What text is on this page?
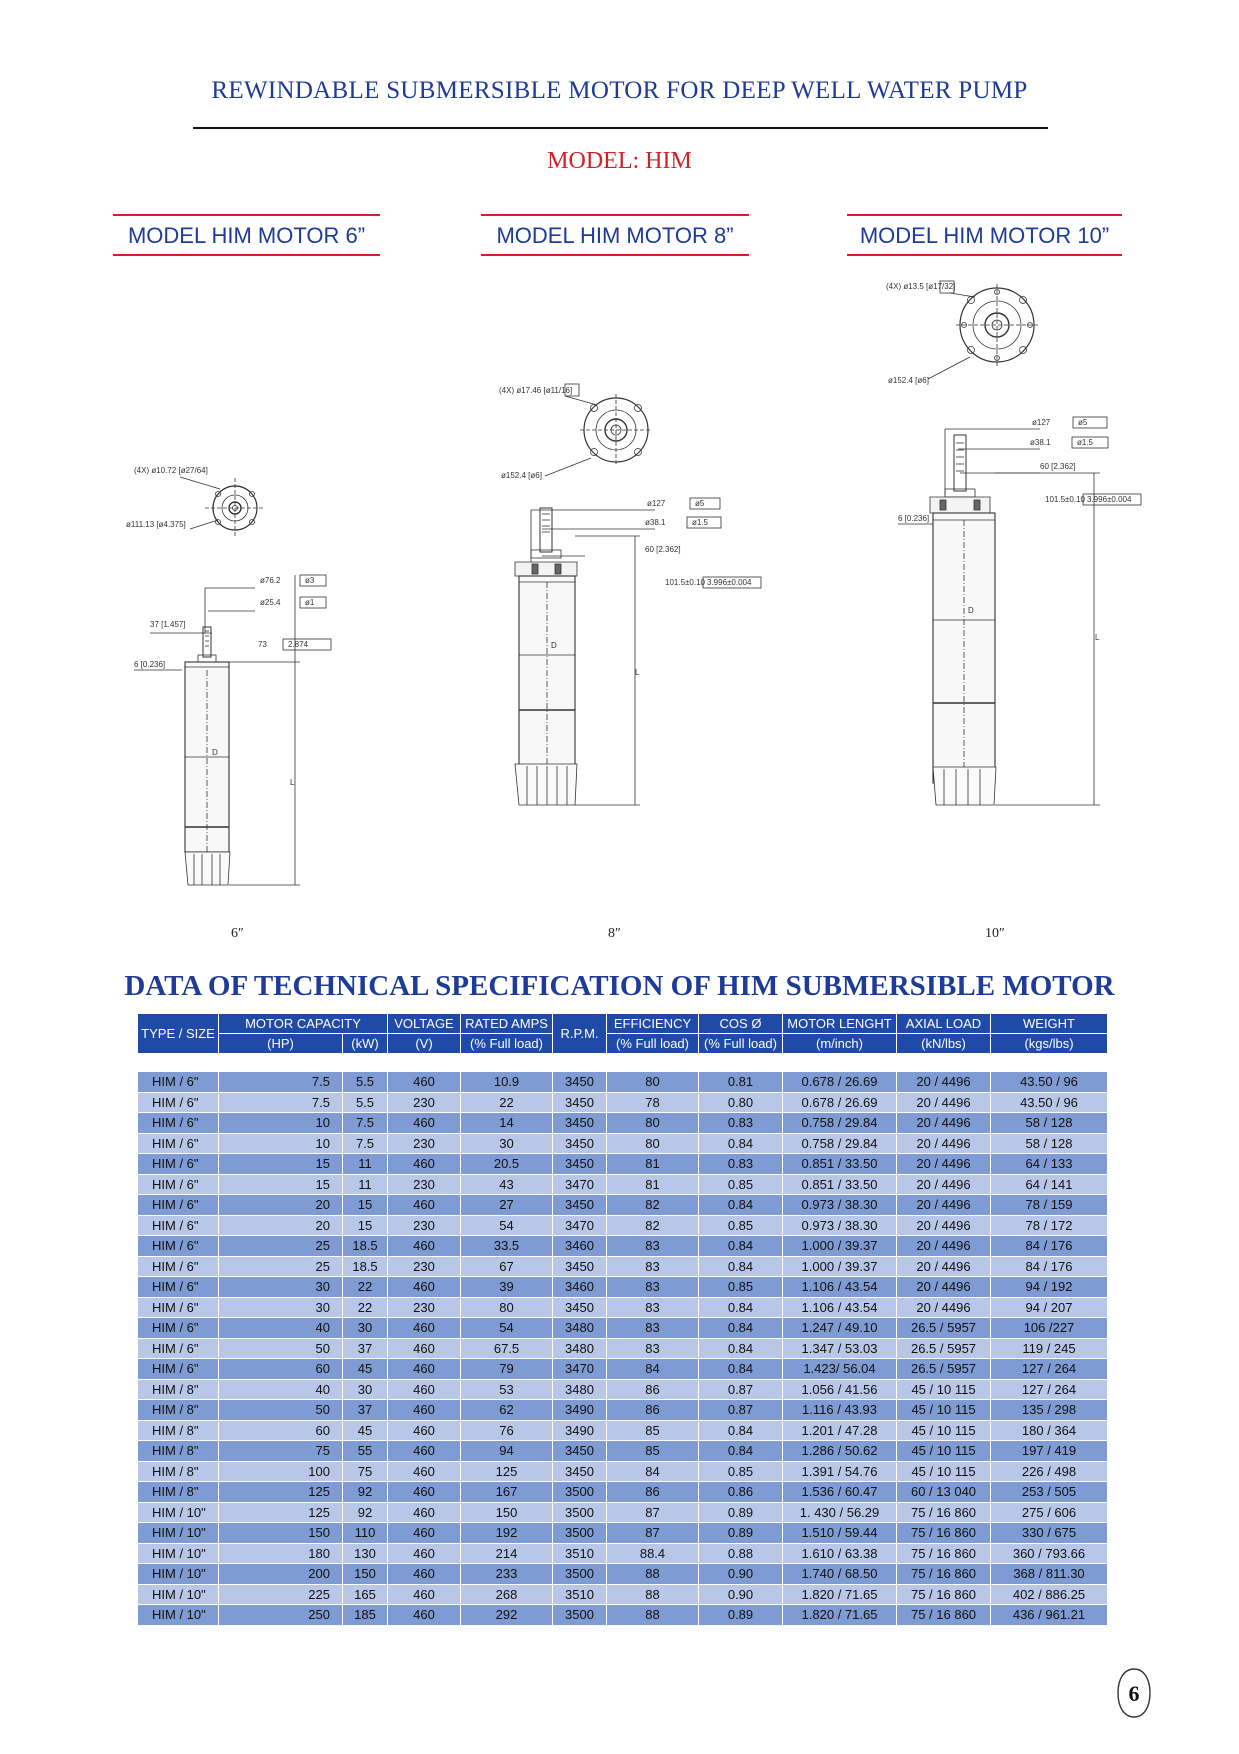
REWINDABLE SUBMERSIBLE MOTOR FOR DEEP WELL WATER PUMP
MODEL: HIM
MODEL HIM MOTOR 6”	MODEL HIM MOTOR 8”	MODEL HIM MOTOR 10”
(4X) ø10.72 [ø27/64]
ø111.13 [ø4.375]
ø76.2	ø3
ø25.4	ø1
37 [1.457]
73	2.874
6 [0.236]
D
L
6″
(4X) ø17.46 [ø11/16]
ø152.4 [ø6]
ø127	ø5
ø38.1	ø1.5
60 [2.362]
101.5±0.10 3.996±0.004
D
L
8″
(4X) ø13.5 [ø17/32]
ø152.4 [ø6]
ø127	ø5
ø38.1	ø1.5
60 [2.362]
101.5±0.10 3.996±0.004
6 [0.236]
D
L
10″
DATA OF TECHNICAL SPECIFICATION OF HIM SUBMERSIBLE MOTOR
TYPE / SIZE	MOTOR CAPACITY		VOLTAGE	RATED AMPS	R.P.M.	EFFICIENCY	COS Ø	MOTOR LENGHT	AXIAL LOAD	WEIGHT
	(HP)	(kW)	(V)	(% Full load)		(% Full load)	(% Full load)	(m/inch)	(kN/lbs)	(kgs/lbs)

HIM / 6"	7.5	5.5	460	10.9	3450	80	0.81	0.678 / 26.69	20 / 4496	43.50 / 96
HIM / 6"	7.5	5.5	230	22	3450	78	0.80	0.678 / 26.69	20 / 4496	43.50 / 96
HIM / 6"	10	7.5	460	14	3450	80	0.83	0.758 / 29.84	20 / 4496	58 / 128
HIM / 6"	10	7.5	230	30	3450	80	0.84	0.758 / 29.84	20 / 4496	58 / 128
HIM / 6"	15	11	460	20.5	3450	81	0.83	0.851 / 33.50	20 / 4496	64 / 133
HIM / 6"	15	11	230	43	3470	81	0.85	0.851 / 33.50	20 / 4496	64 / 141
HIM / 6"	20	15	460	27	3450	82	0.84	0.973 / 38.30	20 / 4496	78 / 159
HIM / 6"	20	15	230	54	3470	82	0.85	0.973 / 38.30	20 / 4496	78 / 172
HIM / 6"	25	18.5	460	33.5	3460	83	0.84	1.000 / 39.37	20 / 4496	84 / 176
HIM / 6"	25	18.5	230	67	3450	83	0.84	1.000 / 39.37	20 / 4496	84 / 176
HIM / 6"	30	22	460	39	3460	83	0.85	1.106 / 43.54	20 / 4496	94 / 192
HIM / 6"	30	22	230	80	3450	83	0.84	1.106 / 43.54	20 / 4496	94 / 207
HIM / 6"	40	30	460	54	3480	83	0.84	1.247 / 49.10	26.5 / 5957	106 /227
HIM / 6"	50	37	460	67.5	3480	83	0.84	1.347 / 53.03	26.5 / 5957	119 / 245
HIM / 6"	60	45	460	79	3470	84	0.84	1.423/ 56.04	26.5 / 5957	127 / 264
HIM / 8"	40	30	460	53	3480	86	0.87	1.056 / 41.56	45 / 10 115	127 / 264
HIM / 8"	50	37	460	62	3490	86	0.87	1.116 / 43.93	45 / 10 115	135 / 298
HIM / 8"	60	45	460	76	3490	85	0.84	1.201 / 47.28	45 / 10 115	180 / 364
HIM / 8"	75	55	460	94	3450	85	0.84	1.286 / 50.62	45 / 10 115	197 / 419
HIM / 8"	100	75	460	125	3450	84	0.85	1.391 / 54.76	45 / 10 115	226 / 498
HIM / 8"	125	92	460	167	3500	86	0.86	1.536 / 60.47	60 / 13 040	253 / 505
HIM / 10"	125	92	460	150	3500	87	0.89	1. 430 / 56.29	75 / 16 860	275 / 606
HIM / 10"	150	110	460	192	3500	87	0.89	1.510 / 59.44	75 / 16 860	330 / 675
HIM / 10"	180	130	460	214	3510	88.4	0.88	1.610 / 63.38	75 / 16 860	360 / 793.66
HIM / 10"	200	150	460	233	3500	88	0.90	1.740 / 68.50	75 / 16 860	368 / 811.30
HIM / 10"	225	165	460	268	3510	88	0.90	1.820 / 71.65	75 / 16 860	402 / 886.25
HIM / 10"	250	185	460	292	3500	88	0.89	1.820 / 71.65	75 / 16 860	436 / 961.21
6
